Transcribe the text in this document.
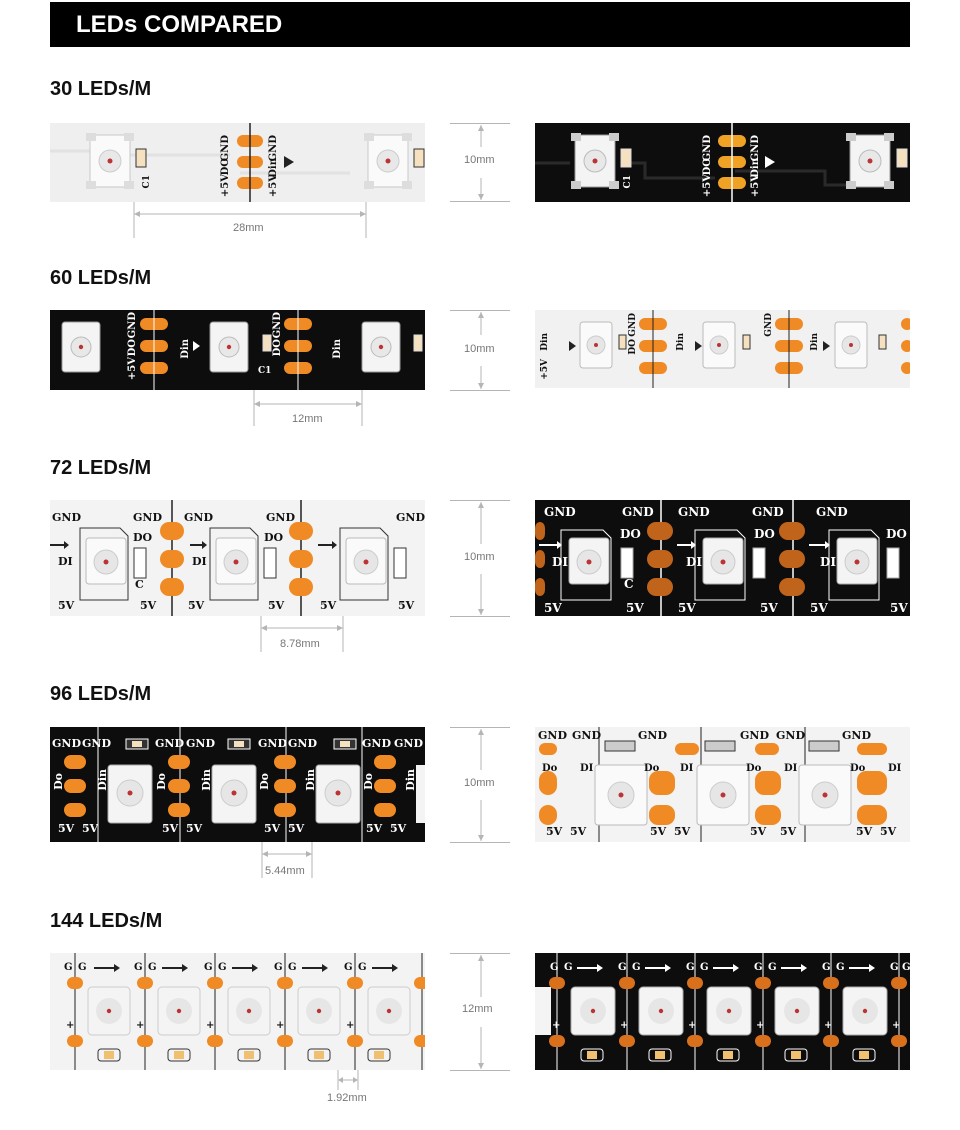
LEDs COMPARED
30 LEDs/M
GND
DO
+5V
GND
Din
+5V
C1
28mm
10mm	GND
DO
+5V
GND
Din
+5V
C1
60 LEDs/M
GND
DO
+5V
Din
GND
DO	Din
C1
12mm
10mm	Din
+5V
GND
DO	Din
GND
Din
72 LEDs/M
GND
DI
5V
GND
DO
C
5V
GND
DI
5V
GND
DO
5V	5V
GND
5V
8.78mm
10mm
GND
DI
5V
GND
DO
C
5V
GND
DI
5V
GND
DO
5V
GND
DI
5V
DO
5V
96 LEDs/M
GND GND	GND GND	GND GND	GND GND
Do	Din	Do	Din	Do	Din	Do	Din
5V 5V	5V 5V	5V 5V	5V 5V
5.44mm
10mm
GND GND	GND	GND GND	GND
Do DI	Do DI	Do DI	Do DI
5V 5V	5V 5V	5V 5V	5V 5V
144 LEDs/M
G G	G G	G G	G G	G G
+	+	+	+	+
1.92mm
12mm
G G	G G	G G	G G	G G	G G
+	+	+	+	+	+
